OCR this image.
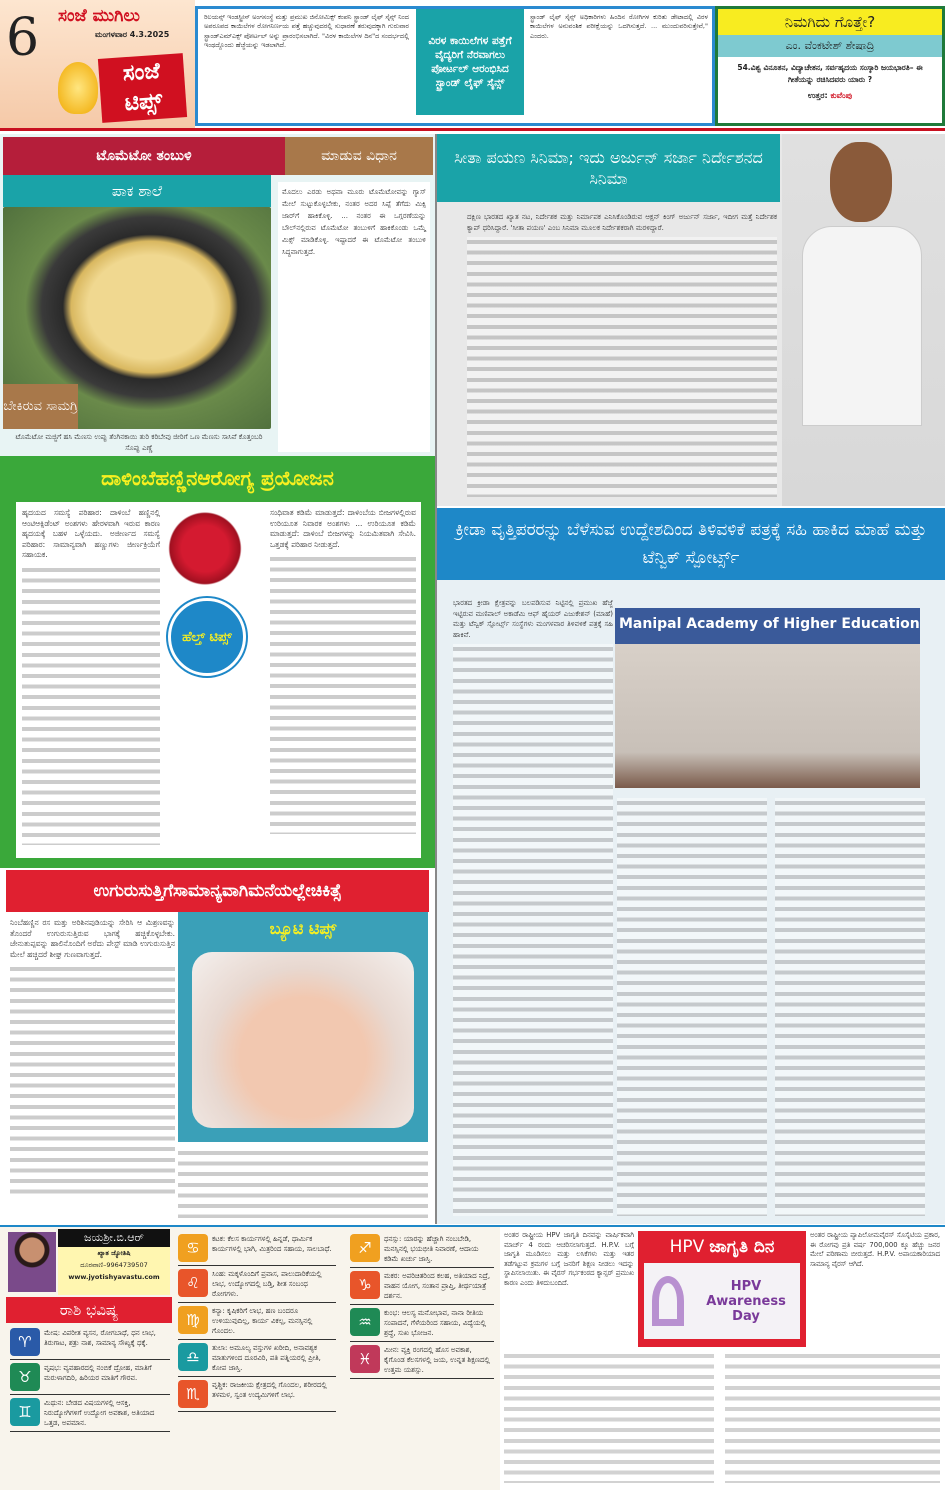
6 ಸಂಜೆ ಮುಗಿಲು
ಮಂಗಳವಾರ 4.3.2025
ಸಂಜೆ ಟಿಪ್ಸ್
ರಿಲಯನ್ಸ್ ಇಂಡಸ್ಟ್ರೀಸ್ ಅಂಗಸಂಸ್ಥೆ ಮತ್ತು ಪ್ರಮುಖ ಜಿನೋಮಿಕ್ಸ್ ಕಂಪನಿ ಸ್ಟ್ರಾಂಡ್ ಲೈಫ್ ಸೈನ್ಸ್ ನಿಂದ ಅಪರೂಪದ ಕಾಯಿಲೆಗಳ ರೋಗನಿರ್ಣಯ ಪತ್ತೆ ಹಚ್ಚುವುದರಲ್ಲಿ ಸುಧಾರಣೆ ತರುವುದಕ್ಕಾಗಿ ಗುರುವಾರ ಸ್ಟ್ರಾಂಡ್‌ಎಮ್ಎಕ್ಸ್ ಪೋರ್ಟಲ್ ಅನ್ನು ಪ್ರಾರಂಭಿಸಲಾಗಿದೆ. "ವಿರಳ ಕಾಯಿಲೆಗಳ ದಿನ"ದ ಸಂದರ್ಭದಲ್ಲಿ ಇಂಥದ್ದೊಂದು ಹೆಜ್ಜೆಯನ್ನು ಇಡಲಾಗಿದೆ.	ವಿರಳ ಕಾಯಿಲೆಗಳ ಪತ್ತೆಗೆ ವೈದ್ಯರಿಗೆ ನೆರವಾಗಲು ಪೋರ್ಟಲ್ ಆರಂಭಿಸಿದ ಸ್ಟ್ರಾಂಡ್ ಲೈಫ್ ಸೈನ್ಸ್
ಸ್ಟ್ರಾಂಡ್ ಲೈಫ್ ಸೈನ್ಸ್ ಅಧಿಕಾರಿಗಳು ಹಿಂದಿನ ರೋಗಿಗಳ ಕುರಿತು ಡೇಟಾದಲ್ಲಿ ವಿರಳ ಕಾಯಿಲೆಗಳ ಅನುವಂಶಿಕ ಪರೀಕ್ಷೆಯನ್ನು ಒದಗಿಸುತ್ತದೆ. ... ಮುಂದುವರಿಸುತ್ತೇವೆ," ಎಂದರು.
ನಿಮಗಿದು ಗೊತ್ತೇ?
ಎಂ. ವೆಂಕಟೇಶ್ ಶೇಷಾದ್ರಿ
54.ವಿಶ್ವ ವಿನೂತನ, ವಿದ್ಯಾಚೇತನ, ಸರ್ವಹೃದಯ ಸಂಸ್ಕಾರಿ ಜಯಭಾರತಿ– ಈ ಗೀತೆಯನ್ನು ರಚಿಸಿದವರು ಯಾರು ?
ಉತ್ತರ: ಕುವೆಂಪು
ಟೊಮೆಟೋ ತಂಬುಳಿ	ಮಾಡುವ ವಿಧಾನ
ಪಾಕ ಶಾಲೆ
ಬೇಕಿರುವ ಸಾಮಗ್ರಿ
ಟೊಮೆಟೋ ಮಜ್ಜಿಗೆ ಹಸಿ ಮೆಣಸು ಉಪ್ಪು ತೆಂಗಿನಕಾಯಿ ತುರಿ ಕರಿಬೇವು ಜೀರಿಗೆ ಒಣ ಮೆಣಸು ಸಾಸಿವೆ ಕೊತ್ತಂಬರಿ ಸೊಪ್ಪು ಎಣ್ಣೆ
ಮೊದಲು ಎರಡು ಅಥವಾ ಮೂರು ಟೊಮೆಟೋವನ್ನು ಗ್ಯಾಸ್ ಮೇಲೆ ಸುಟ್ಟುಕೊಳ್ಳಬೇಕು, ನಂತರ ಅದರ ಸಿಪ್ಪೆ ತೆಗೆದು ಮಿಕ್ಸಿ ಜಾರ್‌ಗೆ ಹಾಕಿಕೊಳ್ಳಿ. ... ನಂತರ ಈ ಒಗ್ಗರಣೆಯನ್ನು ಬೌಲ್‌ನಲ್ಲಿರುವ ಟೊಮೆಟೋ ತಂಬುಳಿಗೆ ಹಾಕಿಕೊಂಡು ಒಮ್ಮೆ ಮಿಕ್ಸ್ ಮಾಡಿಕೊಳ್ಳಿ. ಇಷ್ಟಾದರೆ ಈ ಟೊಮೆಟೋ ತಂಬುಳಿ ಸಿದ್ಧವಾಗುತ್ತದೆ.
ದಾಳಿಂಬೆಹಣ್ಣಿನಆರೋಗ್ಯ ಪ್ರಯೋಜನ
ಹೃದಯದ ಸಮಸ್ಯೆ ಪರಿಹಾರ: ದಾಳಿಂಬೆ ಹಣ್ಣಿನಲ್ಲಿ ಆಂಟಿಆಕ್ಸಿಡೆಂಟ್ ಅಂಶಗಳು ಹೇರಳವಾಗಿ ಇರುವ ಕಾರಣ ಹೃದಯಕ್ಕೆ ಬಹಳ ಒಳ್ಳೆಯದು. ಅಜೀರ್ಣದ ಸಮಸ್ಯೆ ಪರಿಹಾರ: ಸಾಮಾನ್ಯವಾಗಿ ಹಣ್ಣುಗಳು ಜೀರ್ಣಕ್ರಿಯೆಗೆ ಸಹಾಯಕ.
ಹೆಲ್ತ್ ಟಿಪ್ಸ್
ಸಂಧಿವಾತ ಕಡಿಮೆ ಮಾಡುತ್ತದೆ: ದಾಳಿಂಬೆಯ ಬೀಜಗಳಲ್ಲಿರುವ ಉರಿಯೂತ ನಿವಾರಕ ಅಂಶಗಳು ... ಉರಿಯೂತ ಕಡಿಮೆ ಮಾಡುತ್ತದೆ: ದಾಳಿಂಬೆ ಬೀಜಗಳನ್ನು ನಿಯಮಿತವಾಗಿ ಸೇವಿಸಿ. ಒತ್ತಡಕ್ಕೆ ಪರಿಹಾರ ನೀಡುತ್ತದೆ.
ಉಗುರುಸುತ್ತಿಗೆಸಾಮಾನ್ಯವಾಗಿಮನೆಯಲ್ಲೇಚಿಕಿತ್ಸೆ
ನಿಂಬೆಹಣ್ಣಿನ ರಸ ಮತ್ತು ಅರಿಶಿನಪುಡಿಯನ್ನು ಸೇರಿಸಿ ಆ ಮಿಶ್ರಣವನ್ನು ತೊಂದರೆ ಉಗುರುಸುತ್ತಿರುವ ಭಾಗಕ್ಕೆ ಹಚ್ಚಿಕೊಳ್ಳಬೇಕು. ಜೇನುತುಪ್ಪವನ್ನು ಹಾಲಿನೊಂದಿಗೆ ಅರೆದು ಪೇಸ್ಟ್ ಮಾಡಿ ಉಗುರುಸುತ್ತಿನ ಮೇಲೆ ಹಚ್ಚಿದರೆ ಶೀಘ್ರ ಗುಣವಾಗುತ್ತದೆ.
ಬ್ಯೂಟಿ ಟಿಪ್ಸ್
ಸೀತಾ ಪಯಣ ಸಿನಿಮಾ; ಇದು ಅರ್ಜುನ್ ಸರ್ಜಾ ನಿರ್ದೇಶನದ ಸಿನಿಮಾ
ದಕ್ಷಿಣ ಭಾರತದ ಖ್ಯಾತ ನಟ, ನಿರ್ದೇಶಕ ಮತ್ತು ನಿರ್ಮಾಪಕ ಎನಿಸಿಕೊಂಡಿರುವ ಆಕ್ಷನ್ ಕಿಂಗ್ ಅರ್ಜುನ್ ಸರ್ಜಾ, ಇದೀಗ ಮತ್ತೆ ನಿರ್ದೇಶಕ ಕ್ಯಾಪ್ ಧರಿಸಿದ್ದಾರೆ. 'ಸೀತಾ ಪಯಣ' ಎಂಬ ಸಿನಿಮಾ ಮೂಲಕ ನಿರ್ದೇಶಕರಾಗಿ ಮರಳಿದ್ದಾರೆ.
ಕ್ರೀಡಾ ವೃತ್ತಿಪರರನ್ನು ಬೆಳೆಸುವ ಉದ್ದೇಶದಿಂದ ತಿಳಿವಳಿಕೆ ಪತ್ರಕ್ಕೆ ಸಹಿ ಹಾಕಿದ ಮಾಹೆ ಮತ್ತು ಟೆನ್ವಿಕ್ ಸ್ಪೋರ್ಟ್ಸ್
ಭಾರತದ ಕ್ರೀಡಾ ಕ್ಷೇತ್ರವನ್ನು ಬಲಪಡಿಸುವ ನಿಟ್ಟಿನಲ್ಲಿ ಪ್ರಮುಖ ಹೆಜ್ಜೆ ಇಟ್ಟಿರುವ ಮಣಿಪಾಲ್ ಅಕಾಡೆಮಿ ಆಫ್ ಹೈಯರ್ ಎಜುಕೇಶನ್ (ಮಾಹೆ) ಮತ್ತು ಟೆನ್ವಿಕ್ ಸ್ಪೋರ್ಟ್ಸ್ ಸಂಸ್ಥೆಗಳು ಮಂಗಳವಾರ ತಿಳಿವಳಿಕೆ ಪತ್ರಕ್ಕೆ ಸಹಿ ಹಾಕಿವೆ.
Manipal Academy of Higher Education
ಜಯಶ್ರೀ.ಬಿ.ಆರ್
ಖ್ಯಾತ ಜ್ಯೋತಿಷಿ
ದೂರವಾಣಿ–9964739507
www.jyotishyavastu.com
ರಾಶಿ ಭವಿಷ್ಯ
♈	ಮೇಷ: ವಿಪರೀತ ವ್ಯಸನ, ರೋಗಬಾಧೆ, ಧನ ಲಾಭ, ತಿರುಗಾಟ, ಶತ್ರು ನಾಶ, ಸಾಮಾನ್ಯ ಸೌಖ್ಯಕ್ಕೆ ಧಕ್ಕೆ.
♉	ವೃಷಭ: ವ್ಯವಹಾರದಲ್ಲಿ ನಂಬಿಕೆ ದ್ರೋಹ, ಮಾತಿಗೆ ಮರುಳಾಗದಿರಿ, ಹಿರಿಯರ ಮಾತಿಗೆ ಗೌರವ.
♊	ಮಿಥುನ: ಬೇಡದ ವಿಷಯಗಳಲ್ಲಿ ಆಸಕ್ತಿ, ನಿರುದ್ಯೋಗಿಗಳಿಗೆ ಉದ್ಯೋಗ ಅವಕಾಶ, ಅತಿಯಾದ ಒತ್ತಡ, ಅಪಮಾನ.
♋	ಕಟಕ: ಕೆಲಸ ಕಾರ್ಯಗಳಲ್ಲಿ ಹಿನ್ನಡೆ, ಧಾರ್ಮಿಕ ಕಾರ್ಯಗಳಲ್ಲಿ ಭಾಗಿ, ಮಿತ್ರರಿಂದ ಸಹಾಯ, ಸಾಲಬಾಧೆ.
♌	ಸಿಂಹ: ಮಕ್ಕಳೊಂದಿಗೆ ಪ್ರವಾಸ, ಪಾಲುದಾರಿಕೆಯಲ್ಲಿ ಲಾಭ, ಉದ್ಯೋಗದಲ್ಲಿ ಬಡ್ತಿ, ಶೀತ ಸಂಬಂಧ ರೋಗಗಳು.
♍	ಕನ್ಯಾ: ಕೃಷಿಕರಿಗೆ ಲಾಭ, ಹಣ ಬಂದರೂ ಉಳಿಯುವುದಿಲ್ಲ, ಕಾರ್ಯ ವಿಕಲ್ಪ, ಮನಸ್ಸಿನಲ್ಲಿ ಗೊಂದಲ.
♎	ತುಲಾ: ಅಮೂಲ್ಯ ವಸ್ತುಗಳ ಖರೀದಿ, ಅನಾವಶ್ಯಕ ಮಾತುಗಳಿಂದ ದೂರವಿರಿ, ಪತಿ ಪತ್ನಿಯರಲ್ಲಿ ಪ್ರೀತಿ, ಕೋಪ ಜಾಸ್ತಿ.
♏	ವೃಶ್ಚಿಕ: ರಾಜಕೀಯ ಕ್ಷೇತ್ರದಲ್ಲಿ ಗೊಂದಲ, ಶರೀರದಲ್ಲಿ ತಳಮಳ, ಸ್ವಂತ ಉದ್ಯಮಿಗಳಿಗೆ ಲಾಭ.
♐	ಧನಸ್ಸು: ಯಾರನ್ನು ಹೆಚ್ಚಾಗಿ ನಂಬಬೇಡಿ, ಮನಸ್ಸಿನಲ್ಲಿ ಭಯಭೀತಿ ನಿವಾರಣೆ, ಆದಾಯ ಕಡಿಮೆ ಖರ್ಚು ಜಾಸ್ತಿ.
♑	ಮಕರ: ಅಪರಿಚಿತರಿಂದ ಕಲಹ, ಅತಿಯಾದ ನಿದ್ರೆ, ವಾಹನ ಯೋಗ, ಸಂತಾನ ಪ್ರಾಪ್ತಿ, ತೀರ್ಥಯಾತ್ರೆ ದರ್ಶನ.
♒	ಕುಂಭ: ಆಲಸ್ಯ ಮನೋಭಾವ, ನಾನಾ ರೀತಿಯ ಸಂಪಾದನೆ, ಗೆಳೆಯರಿಂದ ಸಹಾಯ, ವಿದ್ಯೆಯಲ್ಲಿ ಶ್ರದ್ಧೆ, ಸುಖ ಭೋಜನ.
♓	ಮೀನ: ವ್ಯಕ್ತಿ ರಂಗದಲ್ಲಿ ಹೊಸ ಅವಕಾಶ, ಕೈಗೊಂಡ ಕೆಲಸಗಳಲ್ಲಿ ಜಯ, ಉನ್ನತ ಶಿಕ್ಷಣದಲ್ಲಿ ಉತ್ತಮ ಯಶಸ್ಸು.
ಅಂತರ ರಾಷ್ಟ್ರೀಯ HPV ಜಾಗೃತಿ ದಿನವನ್ನು ವಾರ್ಷಿಕವಾಗಿ ಮಾರ್ಚ್ 4 ರಂದು ಆಚರಿಸಲಾಗುತ್ತದೆ. H.P.V. ಬಗ್ಗೆ ಜಾಗೃತಿ ಮೂಡಿಸಲು ಮತ್ತು ಲಸಿಕೆಗಳು ಮತ್ತು ಇತರ ತಡೆಗಟ್ಟುವ ಕ್ರಮಗಳ ಬಗ್ಗೆ ಜನರಿಗೆ ಶಿಕ್ಷಣ ನೀಡಲು ಇದನ್ನು ಸ್ಥಾಪಿಸಲಾಯಿತು. ಈ ವೈರಸ್ ಗರ್ಭಕಂಠದ ಕ್ಯಾನ್ಸರ್ ಪ್ರಮುಖ ಕಾರಣ ಎಂದು ತಿಳಿದುಬಂದಿದೆ.
HPV ಜಾಗೃತಿ ದಿನ
HPV Awareness Day
ಅಂತರ ರಾಷ್ಟ್ರೀಯ ಪ್ಯಾಪಿಲೋಮವೈರಸ್ ಸೊಸೈಟಿಯ ಪ್ರಕಾರ, ಈ ರೋಗವು ಪ್ರತಿ ವರ್ಷ 700,000 ಕ್ಕೂ ಹೆಚ್ಚು ಜನರ ಮೇಲೆ ಪರಿಣಾಮ ಬೀರುತ್ತದೆ. H.P.V. ಅಪಾಯಕಾರಿಯಾದ ಸಾಮಾನ್ಯ ವೈರಸ್ ಆಗಿದೆ.
